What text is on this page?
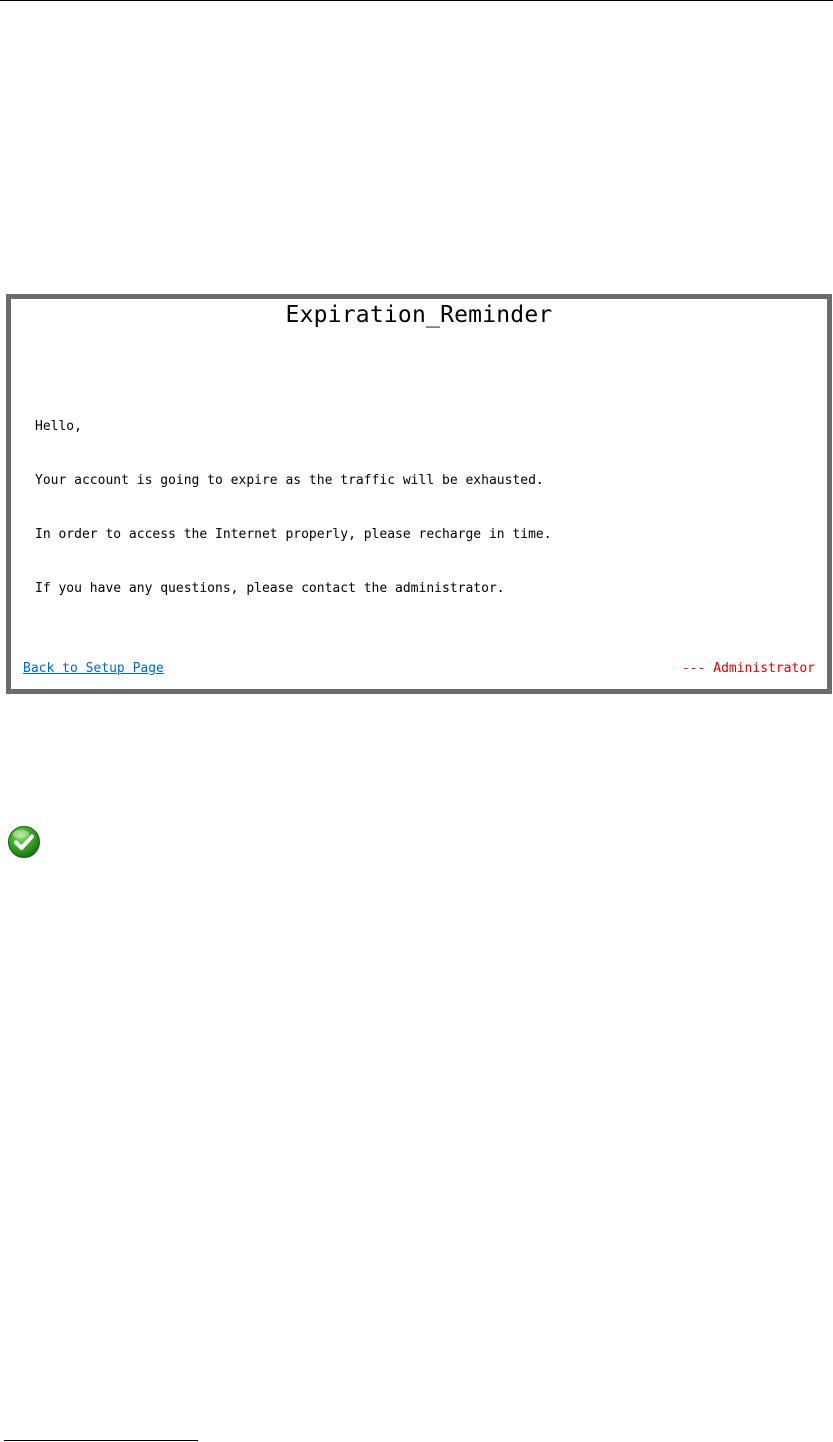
Expiration_Reminder

Hello,

Your account is going to expire as the traffic will be exhausted.

In order to access the Internet properly, please recharge in time.

If you have any questions, please contact the administrator.

Back to Setup Page	--- Administrator
